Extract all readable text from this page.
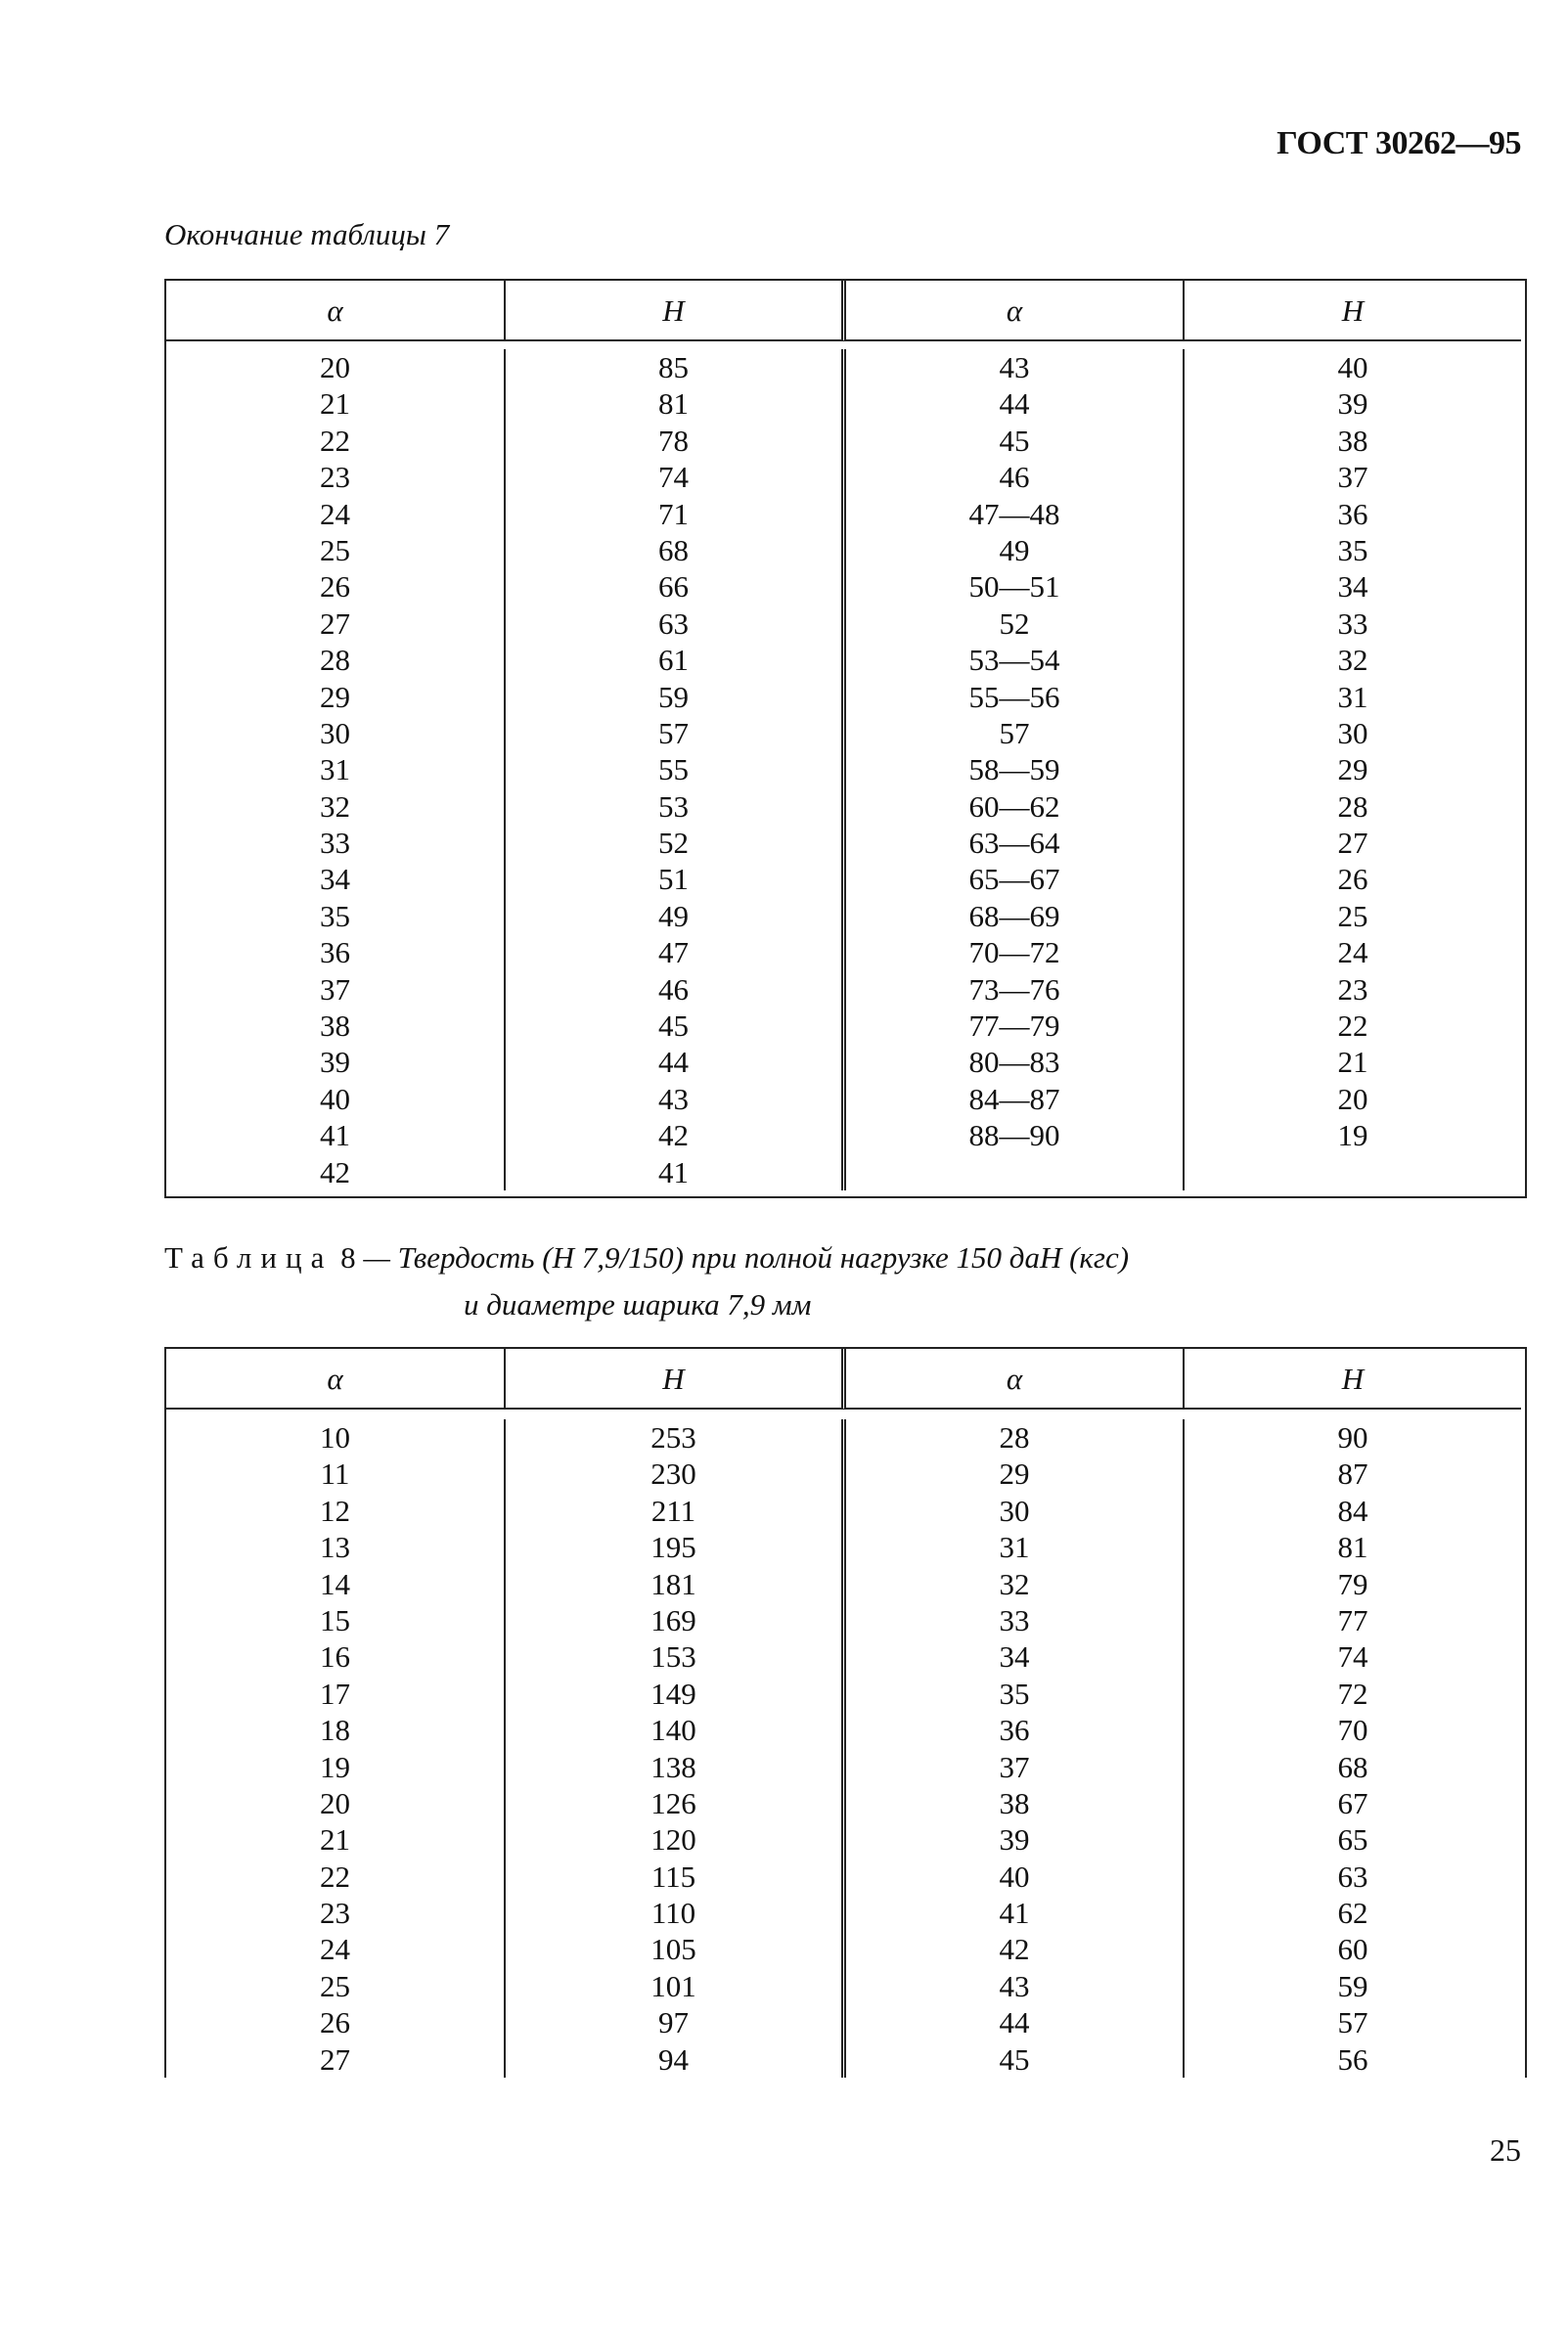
ГОСТ 30262—95
Окончание таблицы 7
α	H	α	H
20	85	43	40
21	81	44	39
22	78	45	38
23	74	46	37
24	71	47—48	36
25	68	49	35
26	66	50—51	34
27	63	52	33
28	61	53—54	32
29	59	55—56	31
30	57	57	30
31	55	58—59	29
32	53	60—62	28
33	52	63—64	27
34	51	65—67	26
35	49	68—69	25
36	47	70—72	24
37	46	73—76	23
38	45	77—79	22
39	44	80—83	21
40	43	84—87	20
41	42	88—90	19
42	41
Таблица 8 — Твердость (H 7,9/150) при полной нагрузке 150 даН (кгс)
и диаметре шарика 7,9 мм
α	H	α	H
10	253	28	90
11	230	29	87
12	211	30	84
13	195	31	81
14	181	32	79
15	169	33	77
16	153	34	74
17	149	35	72
18	140	36	70
19	138	37	68
20	126	38	67
21	120	39	65
22	115	40	63
23	110	41	62
24	105	42	60
25	101	43	59
26	97	44	57
27	94	45	56
25
